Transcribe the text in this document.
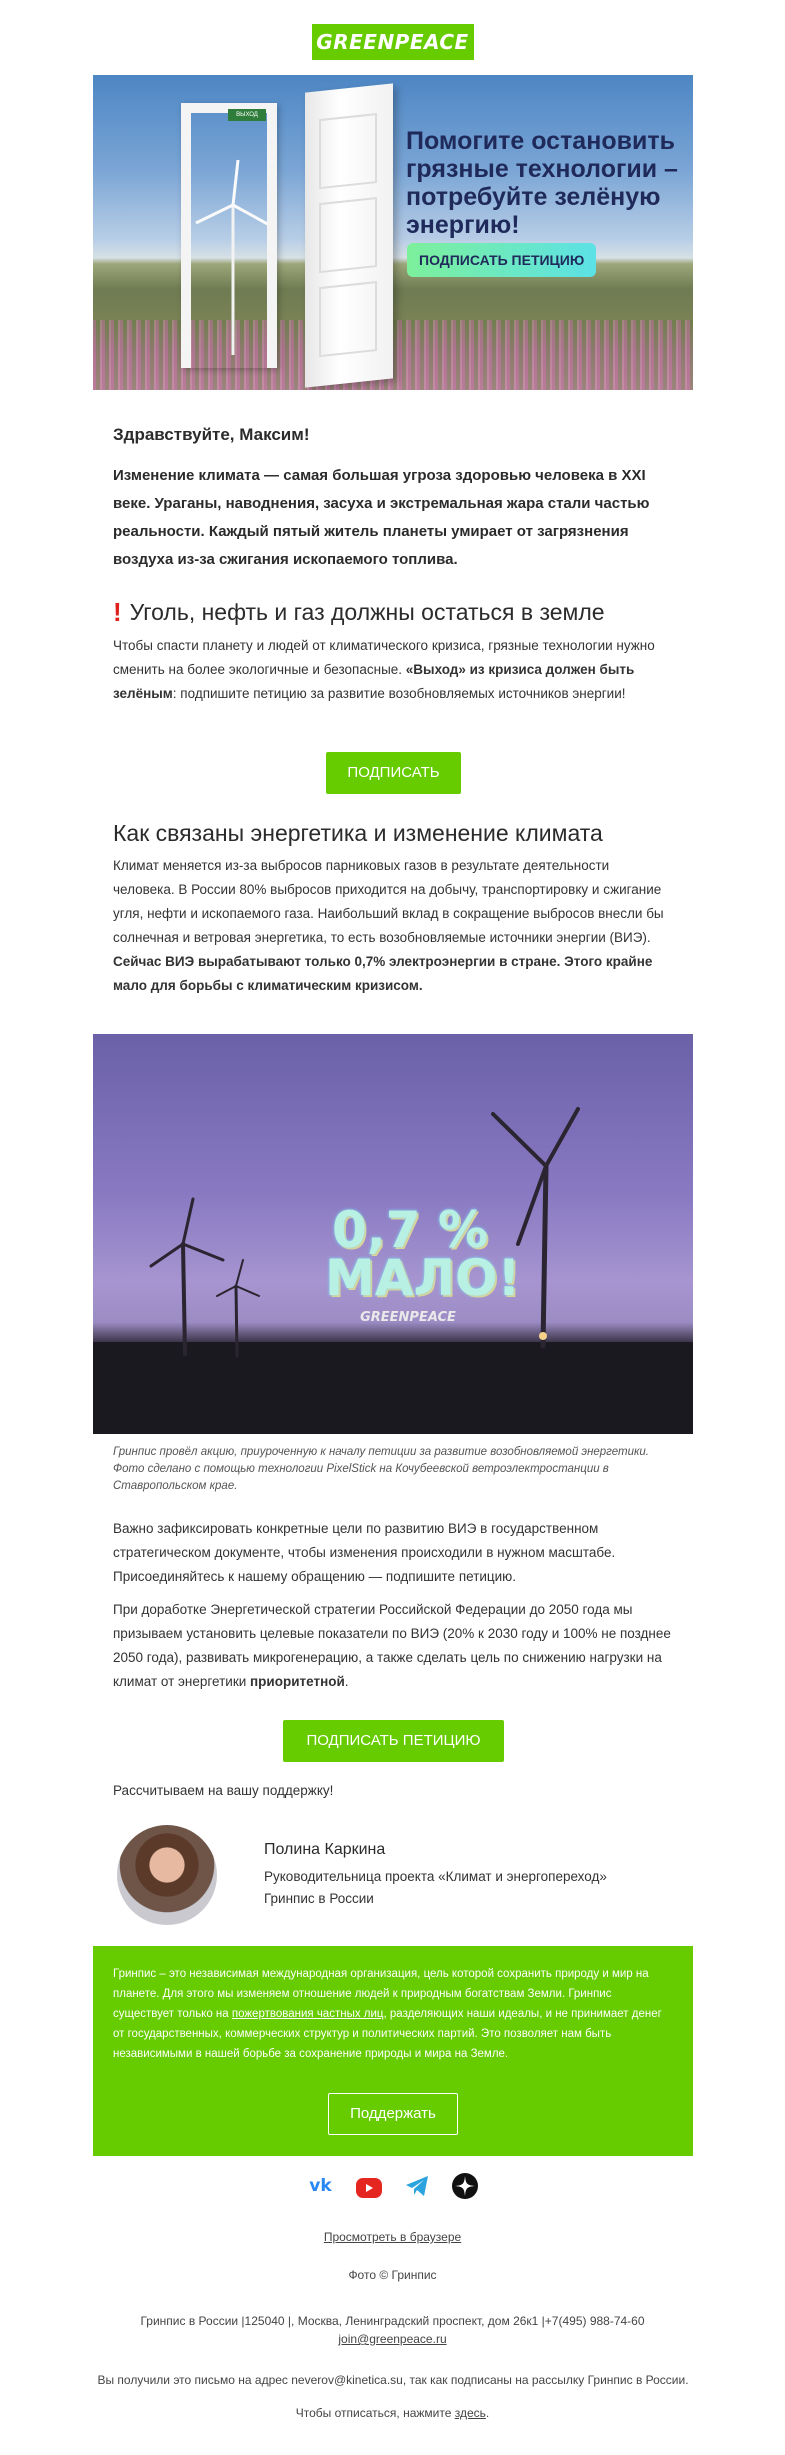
GREENPEACE
ВЫХОД
Помогите остановить грязные технологии – потребуйте зелёную энергию!
ПОДПИСАТЬ ПЕТИЦИЮ
Здравствуйте, Максим!
Изменение климата — самая большая угроза здоровью человека в XXI веке. Ураганы, наводнения, засуха и экстремальная жара стали частью реальности. Каждый пятый житель планеты умирает от загрязнения воздуха из-за сжигания ископаемого топлива.
! Уголь, нефть и газ должны остаться в земле
Чтобы спасти планету и людей от климатического кризиса, грязные технологии нужно сменить на более экологичные и безопасные. «Выход» из кризиса должен быть зелёным: подпишите петицию за развитие возобновляемых источников энергии!
ПОДПИСАТЬ
Как связаны энергетика и изменение климата
Климат меняется из-за выбросов парниковых газов в результате деятельности человека. В России 80% выбросов приходится на добычу, транспортировку и сжигание угля, нефти и ископаемого газа. Наибольший вклад в сокращение выбросов внесли бы солнечная и ветровая энергетика, то есть возобновляемые источники энергии (ВИЭ). Сейчас ВИЭ вырабатывают только 0,7% электроэнергии в стране. Этого крайне мало для борьбы с климатическим кризисом.
0,7 % МАЛО!
GREENPEACE
Гринпис провёл акцию, приуроченную к началу петиции за развитие возобновляемой энергетики. Фото сделано с помощью технологии PixelStick на Кочубеевской ветроэлектростанции в Ставропольском крае.
Важно зафиксировать конкретные цели по развитию ВИЭ в государственном стратегическом документе, чтобы изменения происходили в нужном масштабе. Присоединяйтесь к нашему обращению — подпишите петицию.
При доработке Энергетической стратегии Российской Федерации до 2050 года мы призываем установить целевые показатели по ВИЭ (20% к 2030 году и 100% не позднее 2050 года), развивать микрогенерацию, а также сделать цель по снижению нагрузки на климат от энергетики приоритетной.
ПОДПИСАТЬ ПЕТИЦИЮ
Рассчитываем на вашу поддержку!
Полина Каркина
Руководительница проекта «Климат и энергопереход»
Гринпис в России
Гринпис – это независимая международная организация, цель которой сохранить природу и мир на планете. Для этого мы изменяем отношение людей к природным богатствам Земли. Гринпис существует только на пожертвования частных лиц, разделяющих наши идеалы, и не принимает денег от государственных, коммерческих структур и политических партий. Это позволяет нам быть независимыми в нашей борьбе за сохранение природы и мира на Земле.
Поддержать
vk
Просмотреть в браузере
Фото © Гринпис
Гринпис в России |125040 |, Москва, Ленинградский проспект, дом 26к1 |+7(495) 988-74-60
join@greenpeace.ru
Вы получили это письмо на адрес neverov@kinetica.su, так как подписаны на рассылку Гринпис в России.
Чтобы отписаться, нажмите здесь.
